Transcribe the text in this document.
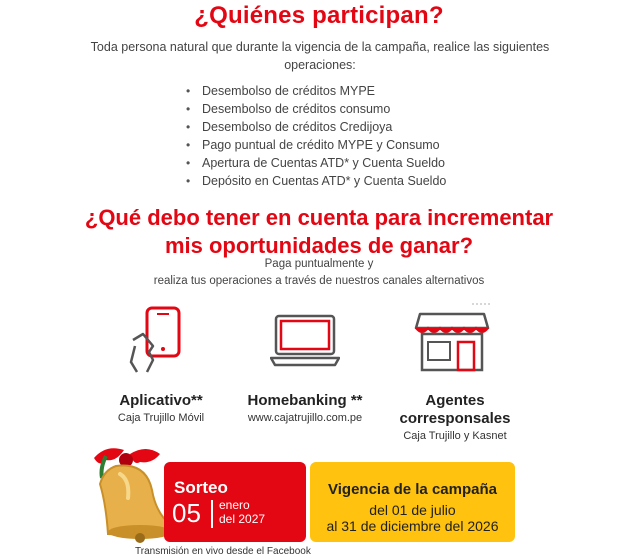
¿Quiénes participan?

Toda persona natural que durante la vigencia de la campaña, realice las siguientes operaciones:

• Desembolso de créditos MYPE
• Desembolso de créditos consumo
• Desembolso de créditos Credijoya
• Pago puntual de crédito MYPE y Consumo
• Apertura de Cuentas ATD* y Cuenta Sueldo
• Depósito en Cuentas ATD* y Cuenta Sueldo
¿Qué debo tener en cuenta para incrementar
mis oportunidades de ganar?

Paga puntualmente y
realiza tus operaciones a través de nuestros canales alternativos

Aplicativo**
Caja Trujillo Móvil
Homebanking **
www.cajatrujillo.com.pe
Agentes
corresponsales
Caja Trujillo y Kasnet
Sorteo
05 enero
del 2027
Vigencia de la campaña
del 01 de julio
al 31 de diciembre del 2026
Transmisión en vivo desde el Facebook
